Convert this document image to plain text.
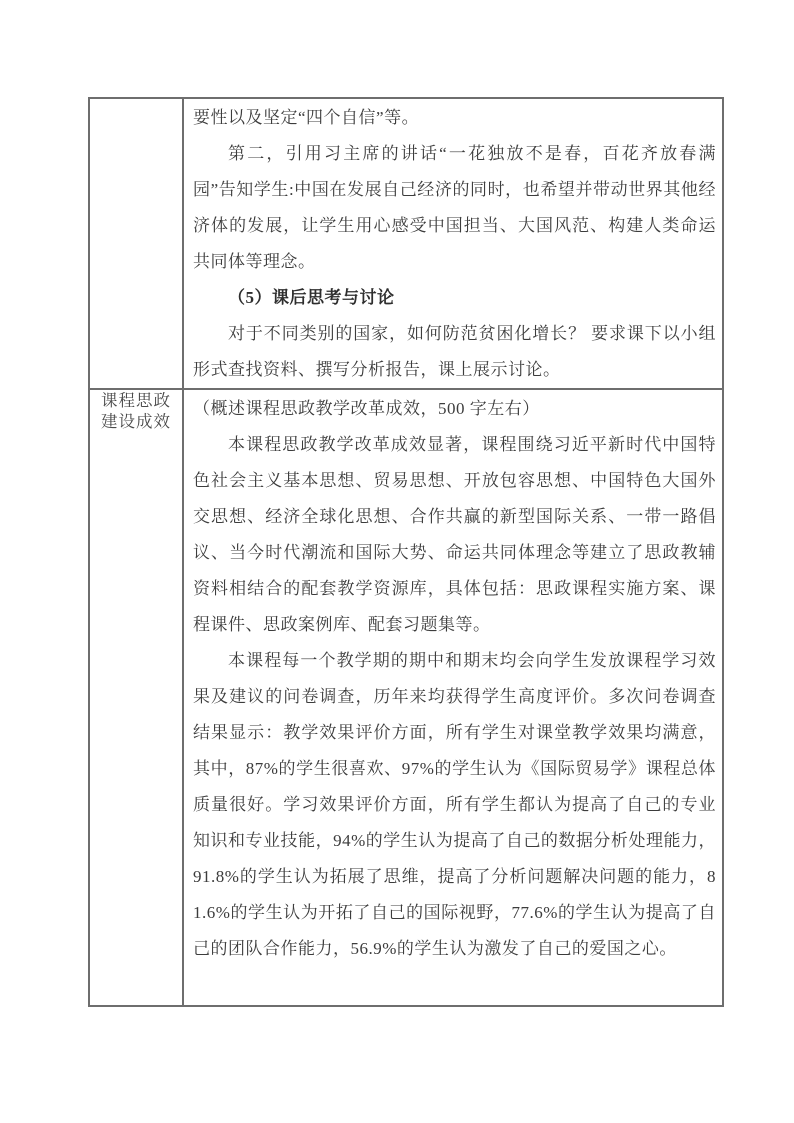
	要性以及坚定“四个自信”等。

第二，引用习主席的讲话“一花独放不是春，百花齐放春满园”告知学生:中国在发展自己经济的同时，也希望并带动世界其他经济体的发展，让学生用心感受中国担当、大国风范、构建人类命运共同体等理念。

（5）课后思考与讨论

对于不同类别的国家，如何防范贫困化增长？ 要求课下以小组形式查找资料、撰写分析报告，课上展示讨论。

课程思政
建设成效

（概述课程思政教学改革成效，500 字左右）

本课程思政教学改革成效显著，课程围绕习近平新时代中国特色社会主义基本思想、贸易思想、开放包容思想、中国特色大国外交思想、经济全球化思想、合作共赢的新型国际关系、一带一路倡议、当今时代潮流和国际大势、命运共同体理念等建立了思政教辅资料相结合的配套教学资源库，具体包括：思政课程实施方案、课程课件、思政案例库、配套习题集等。

本课程每一个教学期的期中和期末均会向学生发放课程学习效果及建议的问卷调查，历年来均获得学生高度评价。多次问卷调查结果显示：教学效果评价方面，所有学生对课堂教学效果均满意，其中，87%的学生很喜欢、97%的学生认为《国际贸易学》课程总体质量很好。学习效果评价方面，所有学生都认为提高了自己的专业知识和专业技能，94%的学生认为提高了自己的数据分析处理能力，91.8%的学生认为拓展了思维，提高了分析问题解决问题的能力，81.6%的学生认为开拓了自己的国际视野，77.6%的学生认为提高了自己的团队合作能力，56.9%的学生认为激发了自己的爱国之心。
